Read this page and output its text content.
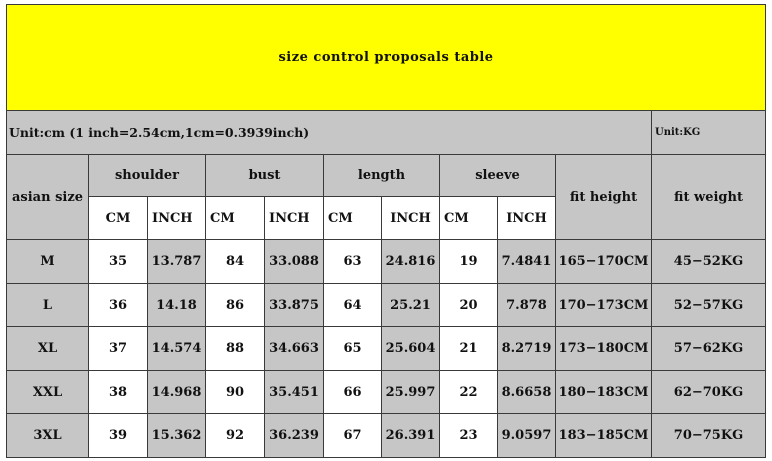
size control proposals table										
Unit:cm (1 inch=2.54cm,1cm=0.3939inch)										Unit:KG
asian size	shoulder		bust		length		sleeve		fit height	fit weight
	CM	INCH	CM	INCH	CM	INCH	CM	INCH		
M	35	13.787	84	33.088	63	24.816	19	7.4841	165−170CM	45−52KG
L	36	14.18	86	33.875	64	25.21	20	7.878	170−173CM	52−57KG
XL	37	14.574	88	34.663	65	25.604	21	8.2719	173−180CM	57−62KG
XXL	38	14.968	90	35.451	66	25.997	22	8.6658	180−183CM	62−70KG
3XL	39	15.362	92	36.239	67	26.391	23	9.0597	183−185CM	70−75KG
